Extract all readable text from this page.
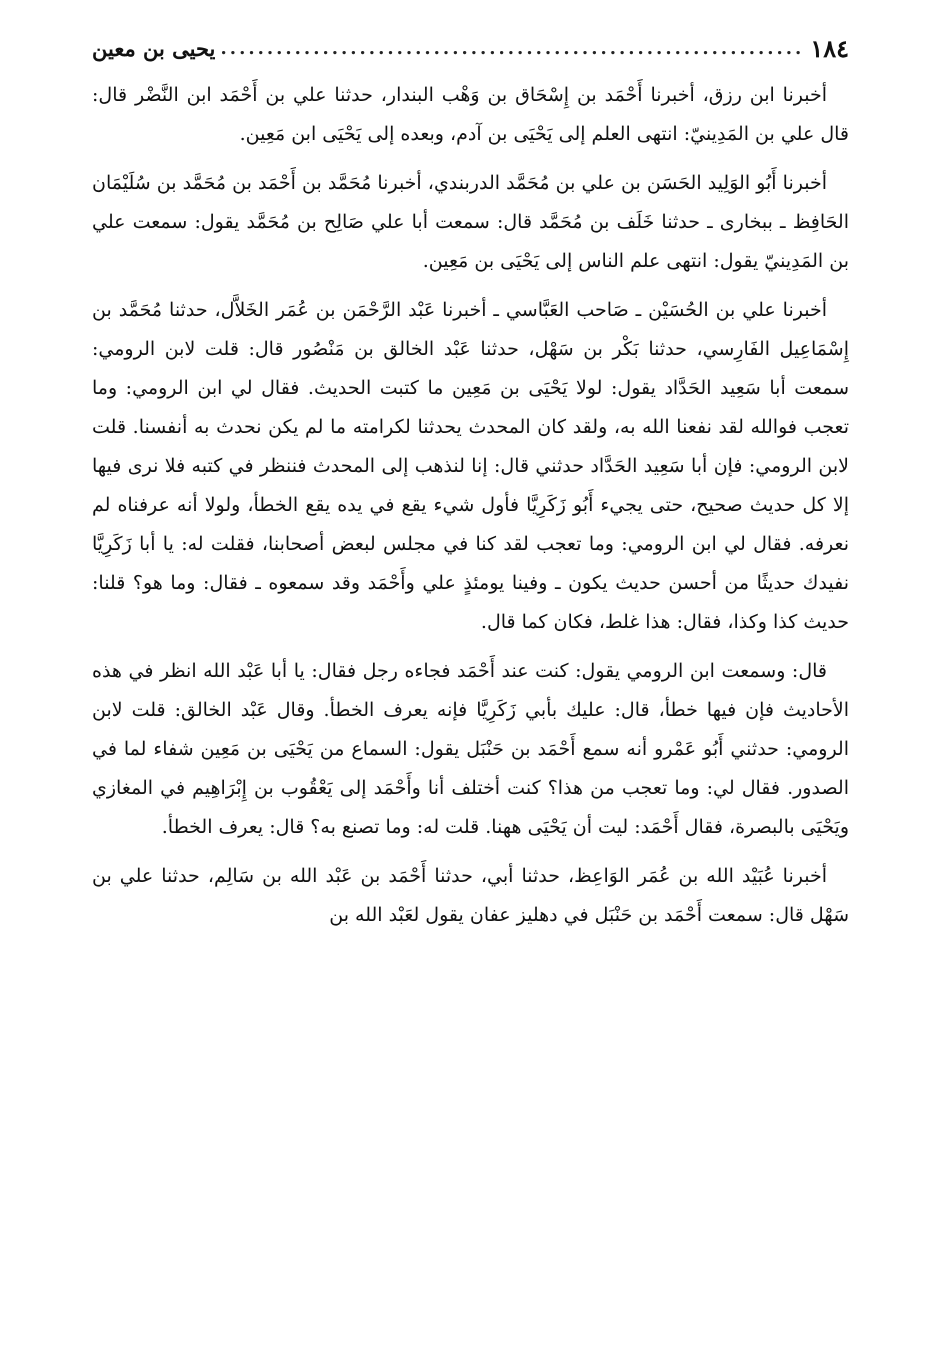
١٨٤
.....
يحيى بن معين

أخبرنا ابن رزق، أخبرنا أَحْمَد بن إِسْحَاق بن وَهْب البندار، حدثنا علي بن أَحْمَد ابن النَّضْر قال: قال علي بن المَدِينيّ: انتهى العلم إلى يَحْيَى بن آدم، وبعده إلى يَحْيَى ابن مَعِين.

أخبرنا أَبُو الوَلِيد الحَسَن بن علي بن مُحَمَّد الدربندي، أخبرنا مُحَمَّد بن أَحْمَد بن مُحَمَّد بن سُلَيْمَان الحَافِظ ـ ببخارى ـ حدثنا خَلَف بن مُحَمَّد قال: سمعت أبا علي صَالِح بن مُحَمَّد يقول: سمعت علي بن المَدِينيّ يقول: انتهى علم الناس إلى يَحْيَى بن مَعِين.

أخبرنا علي بن الحُسَيْن ـ صَاحب العَبَّاسي ـ أخبرنا عَبْد الرَّحْمَن بن عُمَر الخَلاَّل، حدثنا مُحَمَّد بن إِسْمَاعِيل الفَارِسي، حدثنا بَكْر بن سَهْل، حدثنا عَبْد الخالق بن مَنْصُور قال: قلت لابن الرومي: سمعت أبا سَعِيد الحَدَّاد يقول: لولا يَحْيَى بن مَعِين ما كتبت الحديث. فقال لي ابن الرومي: وما تعجب فوالله لقد نفعنا الله به، ولقد كان المحدث يحدثنا لكرامته ما لم يكن نحدث به أنفسنا. قلت لابن الرومي: فإن أبا سَعِيد الحَدَّاد حدثني قال: إنا لنذهب إلى المحدث فننظر في كتبه فلا نرى فيها إلا كل حديث صحيح، حتى يجيء أَبُو زَكَرِيَّا فأول شيء يقع في يده يقع الخطأ، ولولا أنه عرفناه لم نعرفه. فقال لي ابن الرومي: وما تعجب لقد كنا في مجلس لبعض أصحابنا، فقلت له: يا أبا زَكَرِيَّا نفيدك حديثًا من أحسن حديث يكون ـ وفينا يومئذٍ علي وأَحْمَد وقد سمعوه ـ فقال: وما هو؟ قلنا: حديث كذا وكذا، فقال: هذا غلط، فكان كما قال.

قال: وسمعت ابن الرومي يقول: كنت عند أَحْمَد فجاءه رجل فقال: يا أبا عَبْد الله انظر في هذه الأحاديث فإن فيها خطأ، قال: عليك بأبي زَكَرِيَّا فإنه يعرف الخطأ. وقال عَبْد الخالق: قلت لابن الرومي: حدثني أَبُو عَمْرو أنه سمع أَحْمَد بن حَنْبَل يقول: السماع من يَحْيَى بن مَعِين شفاء لما في الصدور. فقال لي: وما تعجب من هذا؟ كنت أختلف أنا وأَحْمَد إلى يَعْقُوب بن إِبْرَاهِيم في المغازي ويَحْيَى بالبصرة، فقال أَحْمَد: ليت أن يَحْيَى ههنا. قلت له: وما تصنع به؟ قال: يعرف الخطأ.

أخبرنا عُبَيْد الله بن عُمَر الوَاعِظ، حدثنا أبي، حدثنا أَحْمَد بن عَبْد الله بن سَالِم، حدثنا علي بن سَهْل قال: سمعت أَحْمَد بن حَنْبَل في دهليز عفان يقول لعَبْد الله بن
